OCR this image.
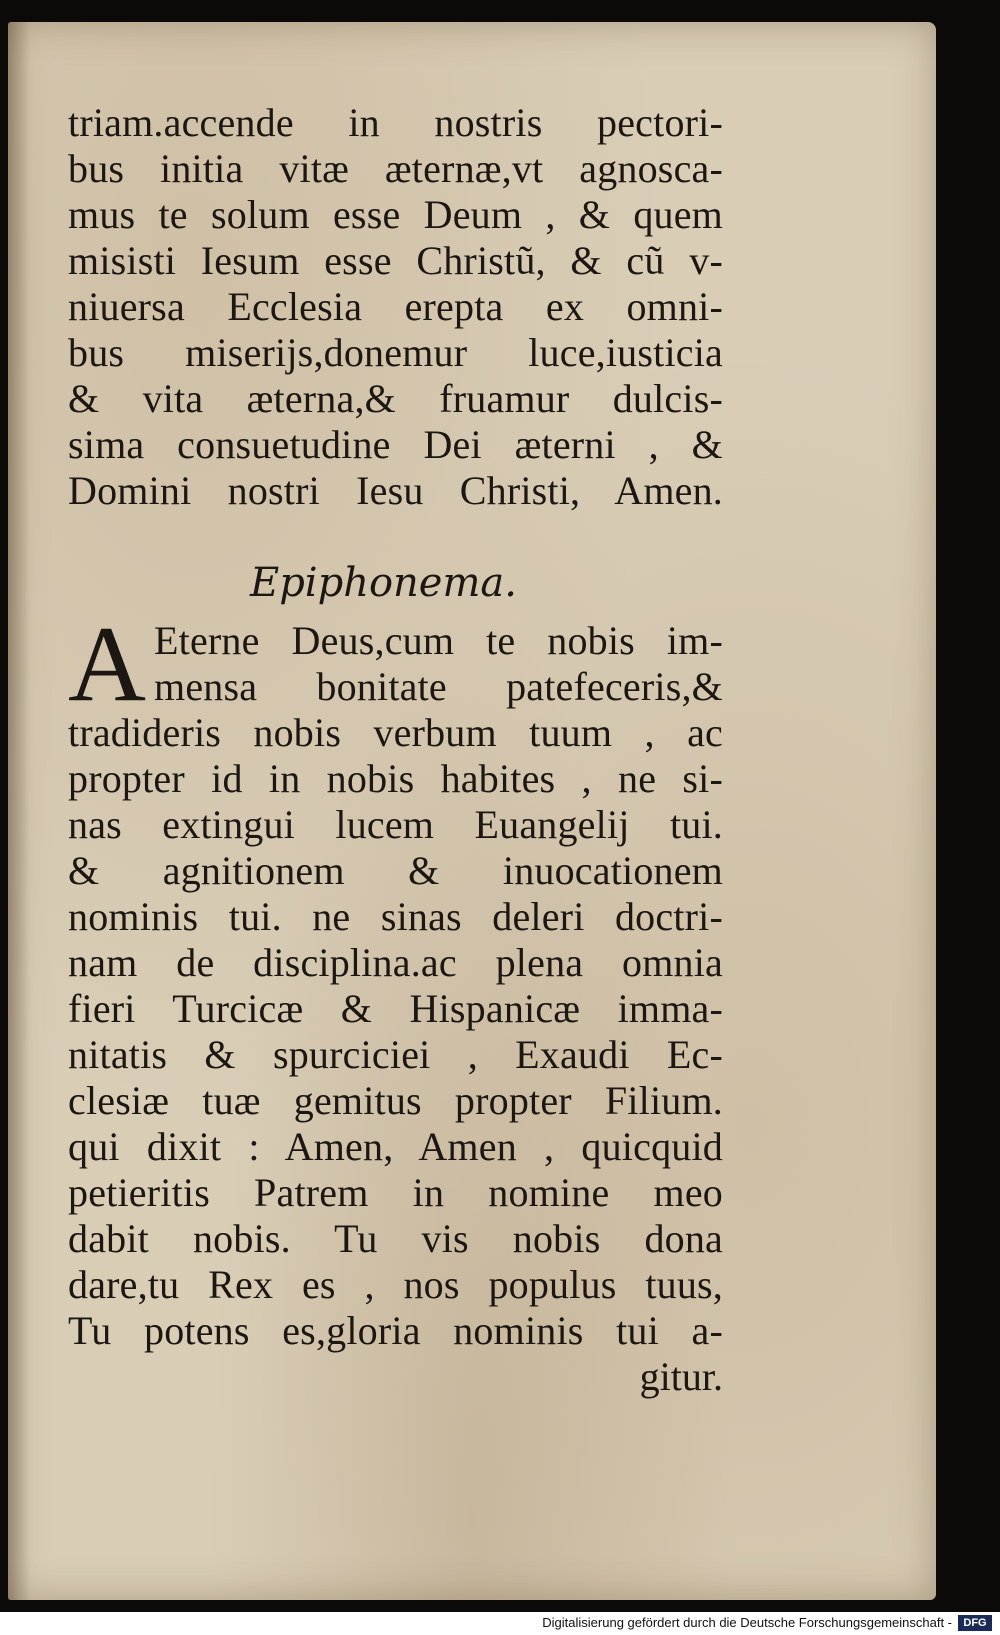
triam.accende in nostris pectori-
bus initia vitæ æternæ,vt agnosca-
mus te solum esse Deum , & quem
misisti Iesum esse Christũ, & cũ v-
niuersa Ecclesia erepta ex omni-
bus miserijs,donemur luce,iusticia
& vita æterna,& fruamur dulcis-
sima consuetudine Dei æterni , &
Domini nostri Iesu Christi, Amen.
Epiphonema.
A Eterne Deus,cum te nobis im-
mensa bonitate patefeceris,&
tradideris nobis verbum tuum , ac
propter id in nobis habites , ne si-
nas extingui lucem Euangelij tui.
& agnitionem & inuocationem
nominis tui. ne sinas deleri doctri-
nam de disciplina.ac plena omnia
fieri Turcicæ & Hispanicæ imma-
nitatis & spurciciei , Exaudi Ec-
clesiæ tuæ gemitus propter Filium.
qui dixit : Amen, Amen , quicquid
petieritis Patrem in nomine meo
dabit nobis. Tu vis nobis dona
dare,tu Rex es , nos populus tuus,
Tu potens es,gloria nominis tui a-
gitur.
Digitalisierung gefördert durch die Deutsche Forschungsgemeinschaft -	DFG
